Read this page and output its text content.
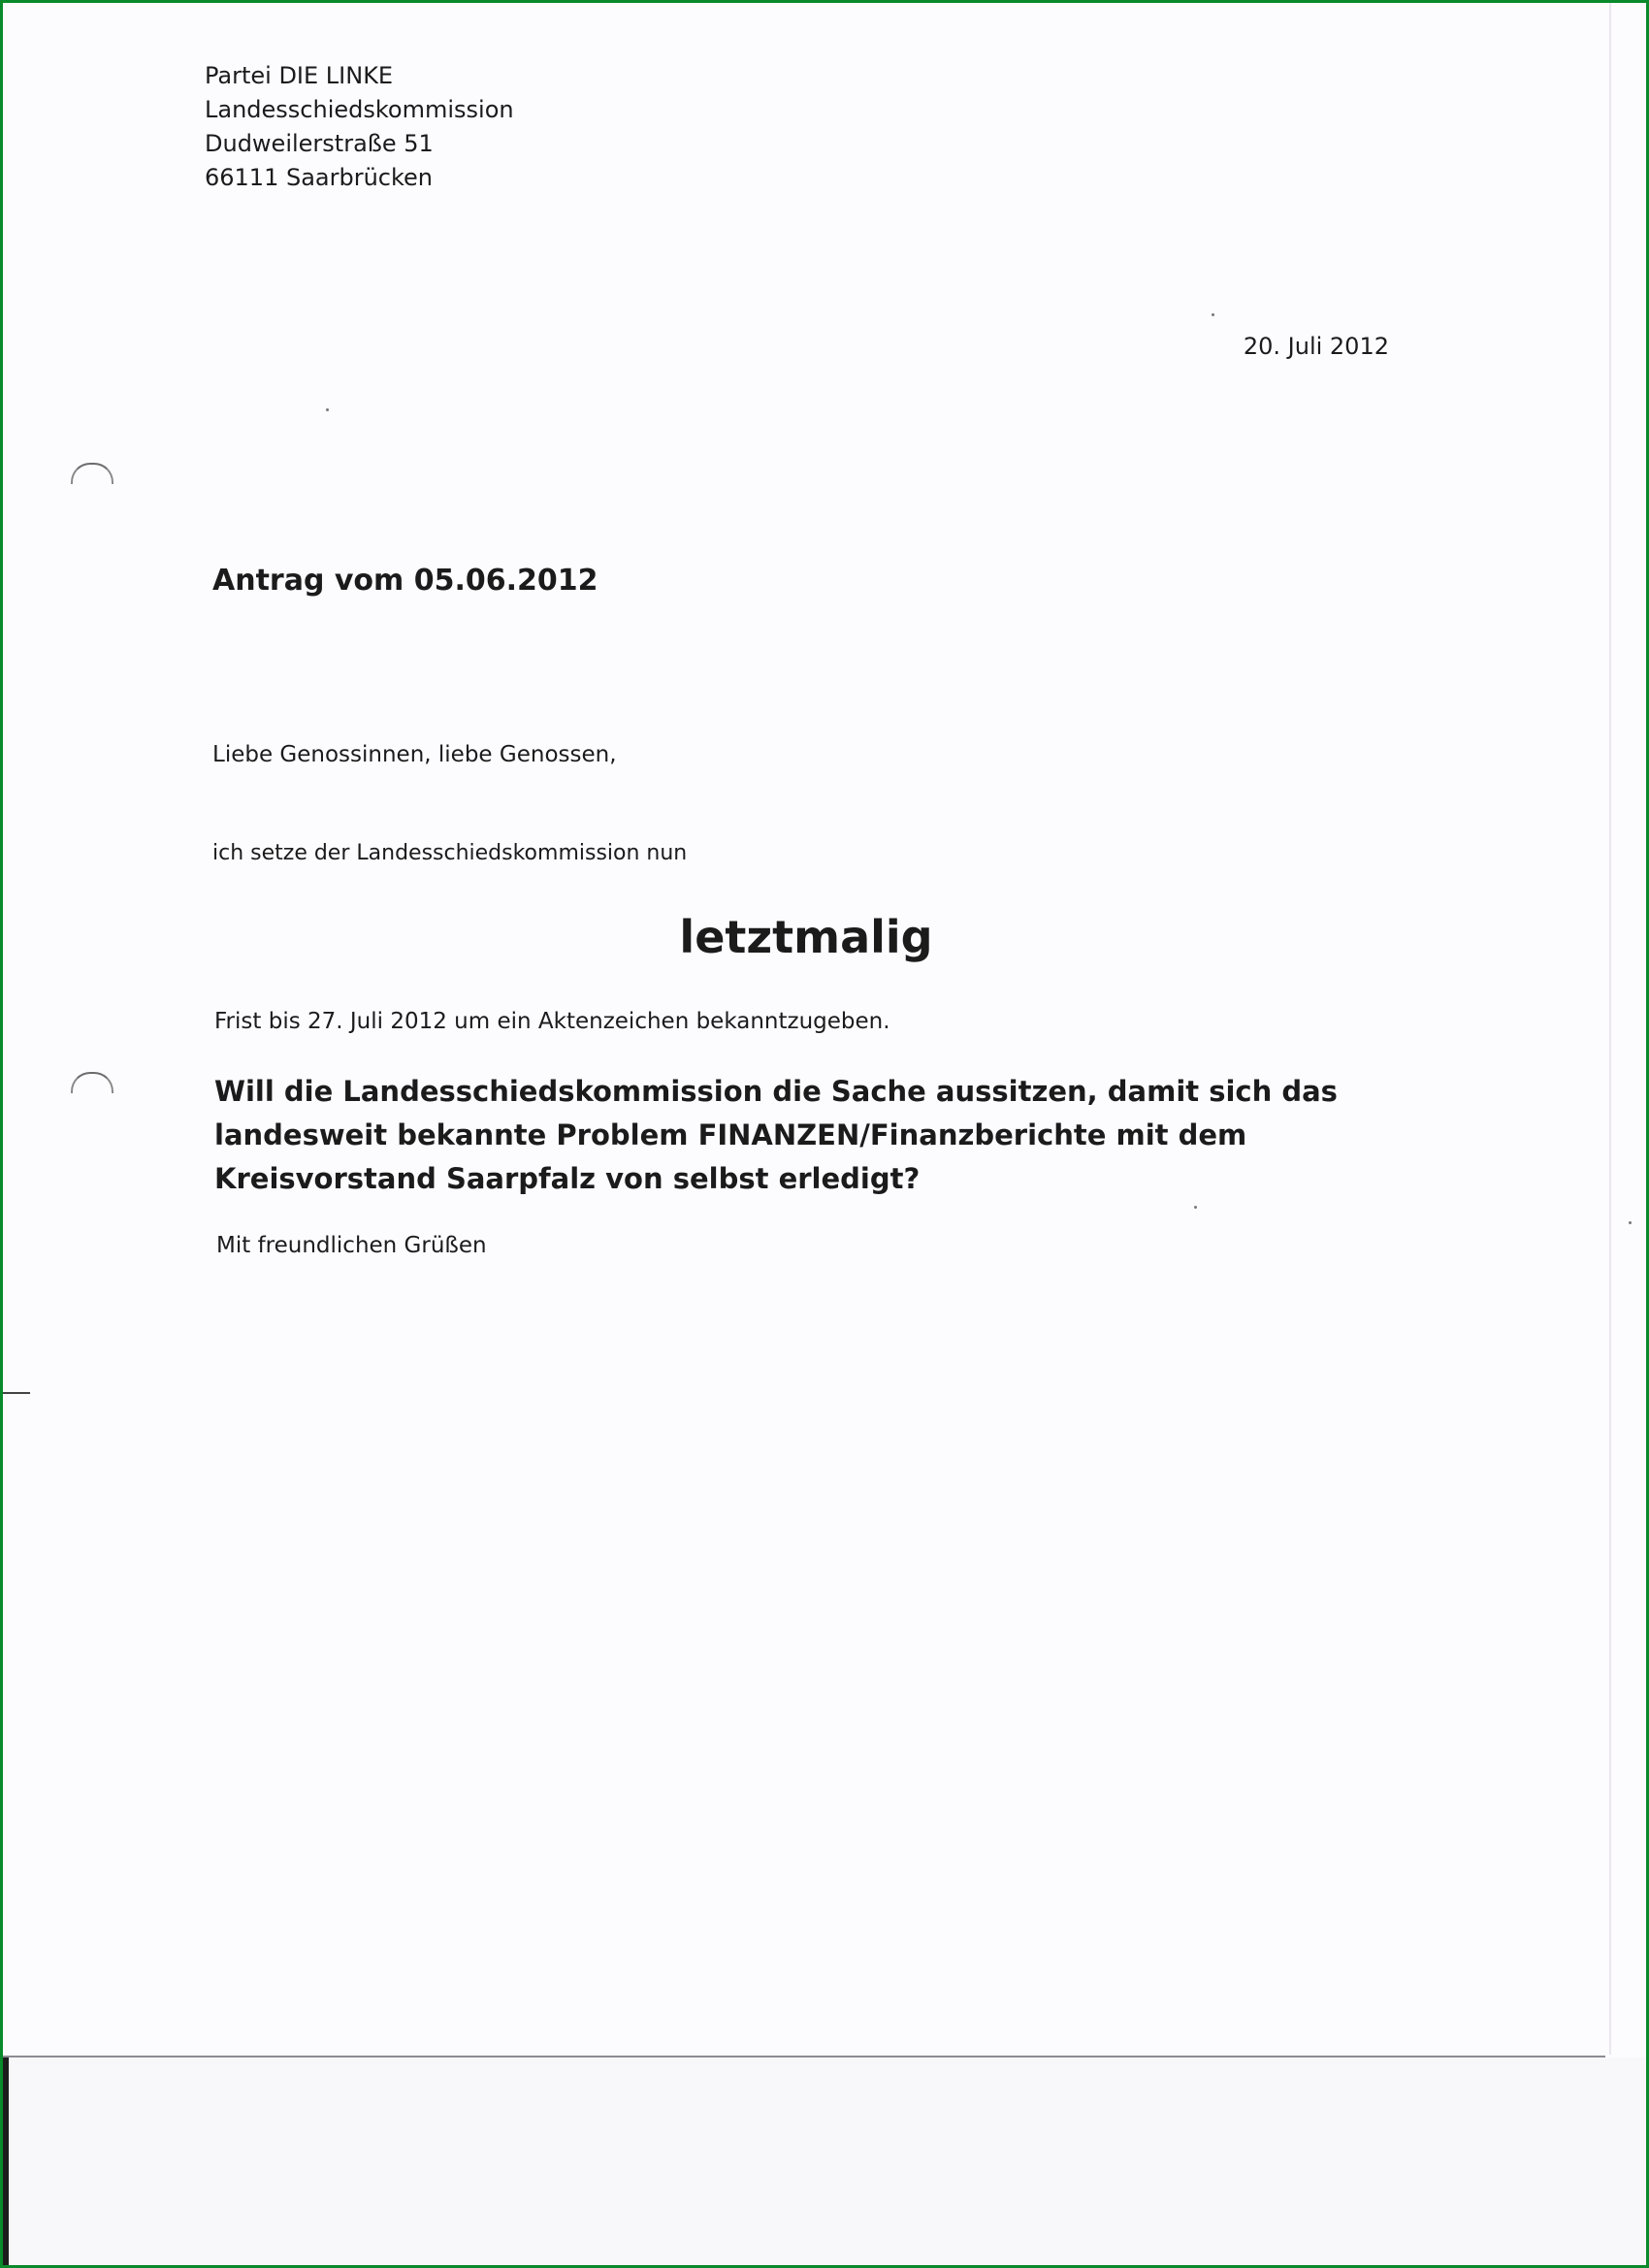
Partei DIE LINKE
Landesschiedskommission
Dudweilerstraße 51
66111 Saarbrücken
20. Juli 2012
Antrag vom 05.06.2012
Liebe Genossinnen, liebe Genossen,
ich setze der Landesschiedskommission nun
letztmalig
Frist bis 27. Juli 2012 um ein Aktenzeichen bekanntzugeben.
Will die Landesschiedskommission die Sache aussitzen, damit sich das landesweit bekannte Problem FINANZEN/Finanzberichte mit dem Kreisvorstand Saarpfalz von selbst erledigt?
Mit freundlichen Grüßen
